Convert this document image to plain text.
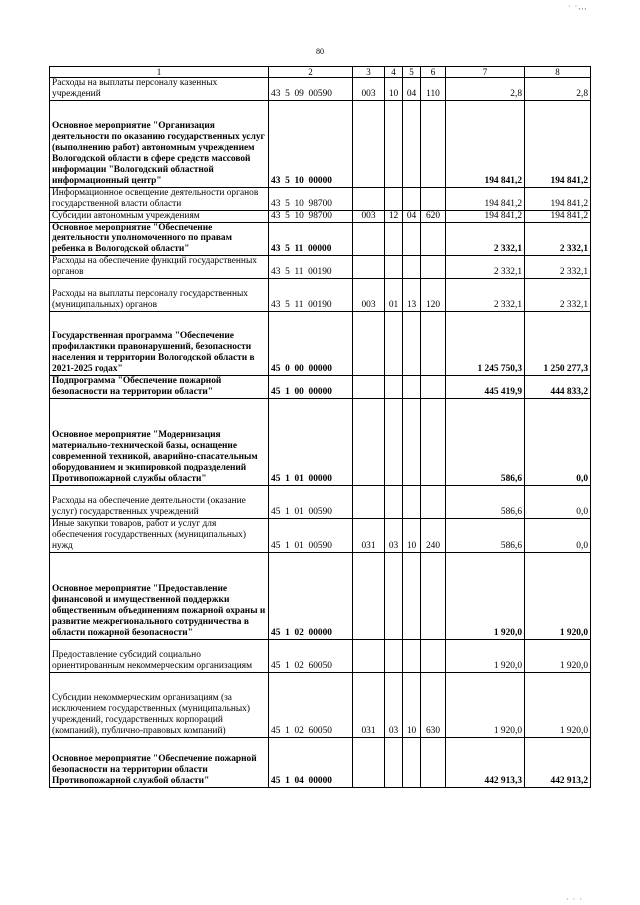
· ·,,,
80
1	2	3	4	5	6	7	8
Расходы на выплаты персоналу казенных учреждений	43  5  09  00590	003	10	04	110	2,8	2,8
Основное мероприятие "Организация деятельности по оказанию государственных услуг (выполнению работ) автономным учреждением Вологодской области в сфере средств массовой информации "Вологодский областной информационный центр"	43  5  10  00000					194 841,2	194 841,2
Информационное освещение деятельности органов государственной власти области	43  5  10  98700					194 841,2	194 841,2
Субсидии автономным учреждениям	43  5  10  98700	003	12	04	620	194 841,2	194 841,2
Основное мероприятие "Обеспечение деятельности уполномоченного по правам ребенка в Вологодской области"	43  5  11  00000					2 332,1	2 332,1
Расходы на обеспечение функций государственных органов	43  5  11  00190					2 332,1	2 332,1
Расходы на выплаты персоналу государственных (муниципальных) органов	43  5  11  00190	003	01	13	120	2 332,1	2 332,1
Государственная программа "Обеспечение профилактики правонарушений, безопасности населения и территории Вологодской области в 2021-2025 годах"	45  0  00  00000					1 245 750,3	1 250 277,3
Подпрограмма "Обеспечение пожарной безопасности на территории области"	45  1  00  00000					445 419,9	444 833,2
Основное мероприятие "Модернизация материально-технической базы, оснащение современной техникой, аварийно-спасательным оборудованием и экипировкой подразделений Противопожарной службы области"	45  1  01  00000					586,6	0,0
Расходы на обеспечение деятельности (оказание услуг) государственных учреждений	45  1  01  00590					586,6	0,0
Иные закупки товаров, работ и услуг для обеспечения государственных (муниципальных) нужд	45  1  01  00590	031	03	10	240	586,6	0,0
Основное мероприятие "Предоставление финансовой и имущественной поддержки общественным объединениям пожарной охраны и развитие межрегионального сотрудничества в области пожарной безопасности"	45  1  02  00000					1 920,0	1 920,0
Предоставление субсидий социально ориентированным некоммерческим организациям	45  1  02  60050					1 920,0	1 920,0
Субсидии некоммерческим организациям (за исключением государственных (муниципальных) учреждений, государственных корпораций (компаний), публично-правовых компаний)	45  1  02  60050	031	03	10	630	1 920,0	1 920,0
Основное мероприятие "Обеспечение пожарной безопасности на территории области Противопожарной службой области"	45  1  04  00000					442 913,3	442 913,2
· · ·
